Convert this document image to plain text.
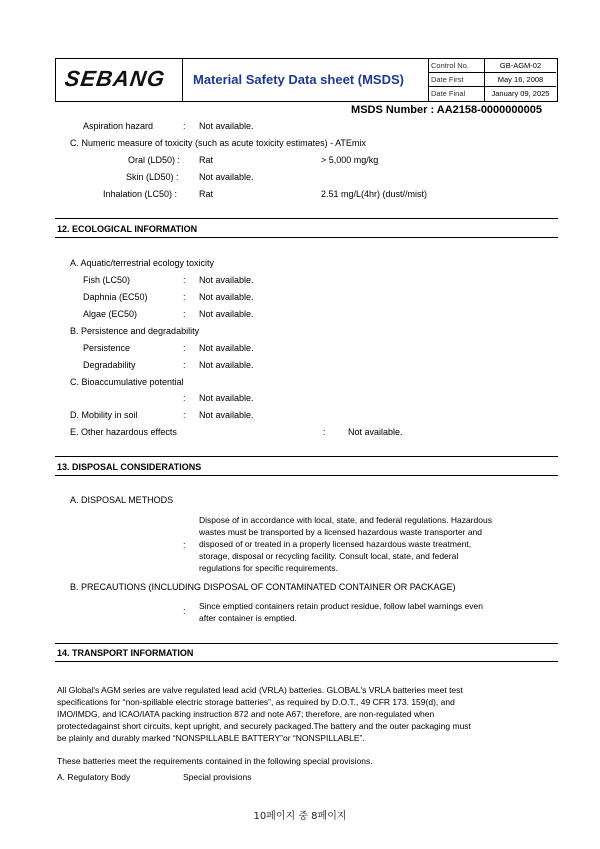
SEBANG Material Safety Data sheet (MSDS)
Control No.	GB-AGM-02
Date First	May 16, 2008
Date Final	January 09, 2025
MSDS Number : AA2158-0000000005
Aspiration hazard	: Not available.
C. Numeric measure of toxicity (such as acute toxicity estimates) - ATEmix
Oral (LD50) : Rat	> 5,000 mg/kg
Skin (LD50) : Not available.
Inhalation (LC50) : Rat	2.51 mg/L(4hr) (dust//mist)
12. ECOLOGICAL INFORMATION
A. Aquatic/terrestrial ecology toxicity
Fish (LC50)	: Not available.
Daphnia (EC50)	: Not available.
Algae (EC50)	: Not available.
B. Persistence and degradability
Persistence	: Not available.
Degradability	: Not available.
C. Bioaccumulative potential
: Not available.
D. Mobility in soil	: Not available.
E. Other hazardous effects	: Not available.
13. DISPOSAL CONSIDERATIONS
A. DISPOSAL METHODS
:
Dispose of in accordance with local, state, and federal regulations. Hazardous
wastes must be transported by a licensed hazardous waste transporter and
disposed of or treated in a properly licensed hazardous waste treatment,
storage, disposal or recycling facility. Consult local, state, and federal
regulations for specific requirements.
B. PRECAUTIONS (INCLUDING DISPOSAL OF CONTAMINATED CONTAINER OR PACKAGE)
: Since emptied containers retain product residue, follow label warnings even
after container is emptied.
14. TRANSPORT INFORMATION
All Global's AGM series are valve regulated lead acid (VRLA) batteries. GLOBAL's VRLA batteries meet test
specifications for “non-spillable electric storage batteries”, as required by D.O.T., 49 CFR 173. 159(d), and
IMO/IMDG, and ICAO/IATA packing instruction 872 and note A67; therefore, are non-regulated when
protectedagainst short circuits, kept upright, and securely packaged.The battery and the outer packaging must
be plainly and durably marked “NONSPILLABLE BATTERY”or “NONSPILLABLE”.
These batteries meet the requirements contained in the following special provisions.
A. Regulatory Body	Special provisions
10페이지 중 8페이지
